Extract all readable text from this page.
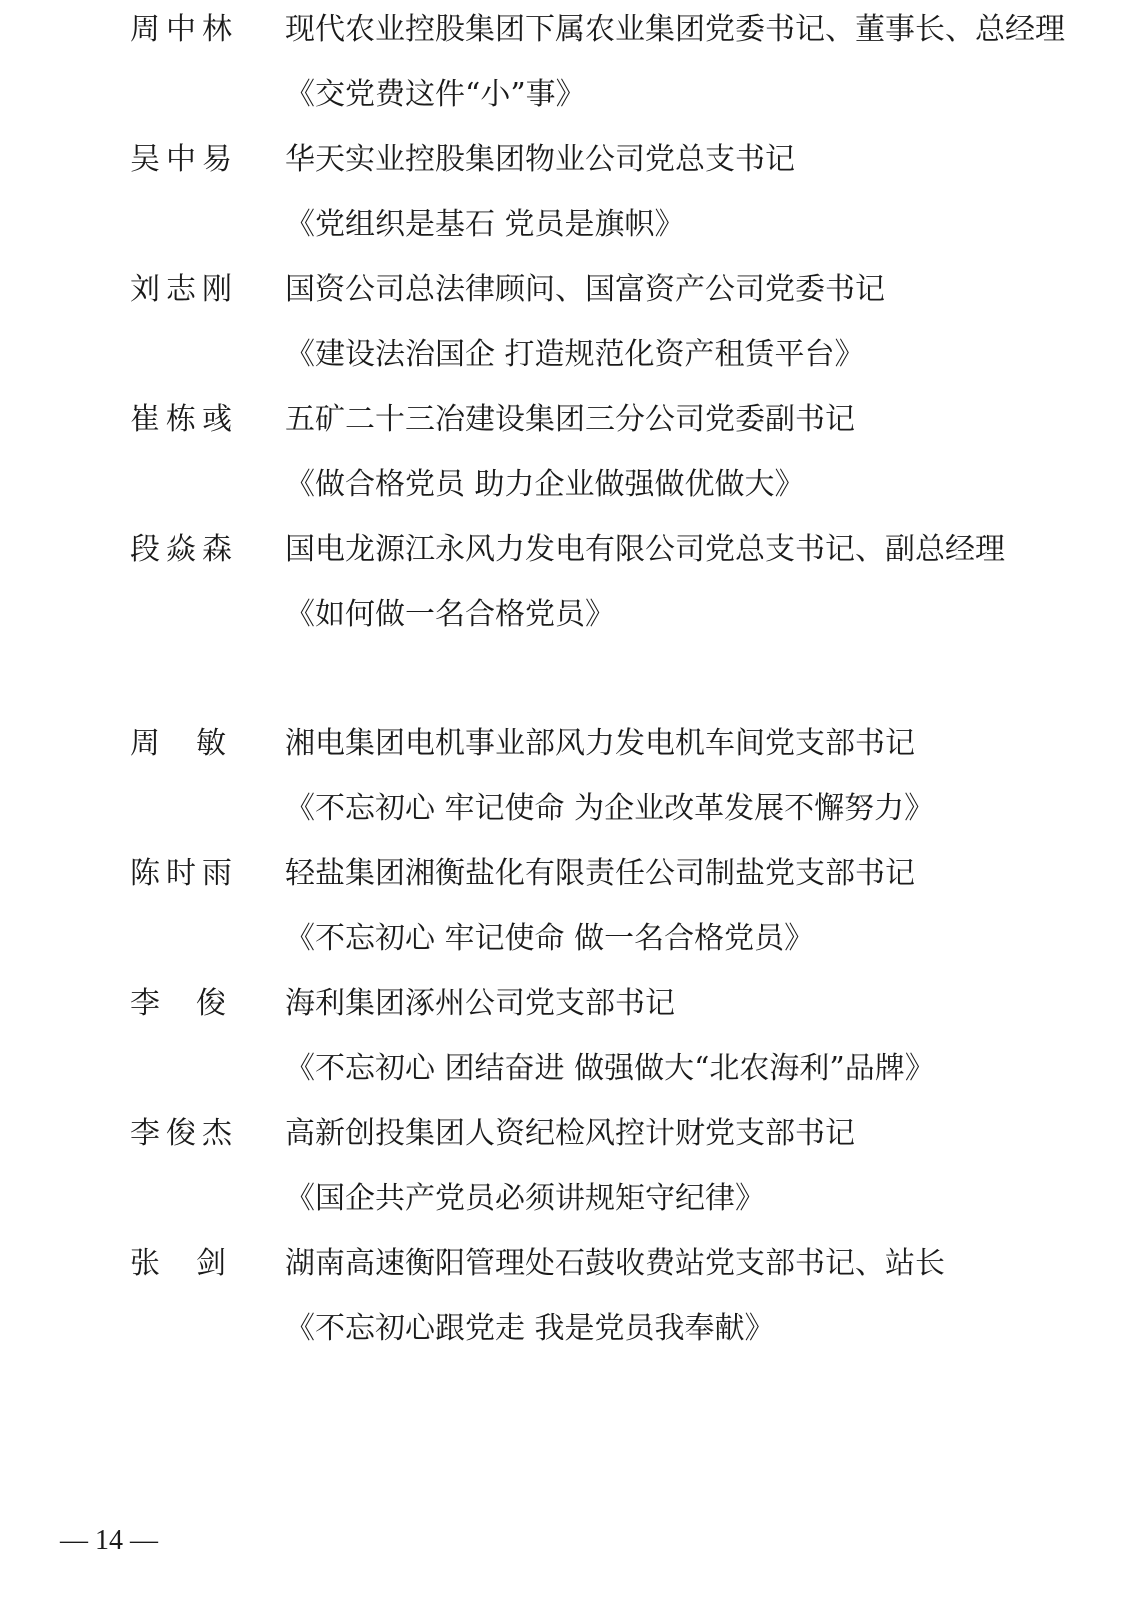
周中林 现代农业控股集团下属农业集团党委书记、董事长、总经理
《交党费这件“小”事》
吴中易 华天实业控股集团物业公司党总支书记
《党组织是基石 党员是旗帜》
刘志刚 国资公司总法律顾问、国富资产公司党委书记
《建设法治国企 打造规范化资产租赁平台》
崔栋彧 五矿二十三冶建设集团三分公司党委副书记
《做合格党员 助力企业做强做优做大》
段焱森 国电龙源江永风力发电有限公司党总支书记、副总经理
《如何做一名合格党员》
周 敏 湘电集团电机事业部风力发电机车间党支部书记
《不忘初心 牢记使命 为企业改革发展不懈努力》
陈时雨 轻盐集团湘衡盐化有限责任公司制盐党支部书记
《不忘初心 牢记使命 做一名合格党员》
李 俊 海利集团涿州公司党支部书记
《不忘初心 团结奋进 做强做大“北农海利”品牌》
李俊杰 高新创投集团人资纪检风控计财党支部书记
《国企共产党员必须讲规矩守纪律》
张 剑 湖南高速衡阳管理处石鼓收费站党支部书记、站长
《不忘初心跟党走 我是党员我奉献》
— 14 —
